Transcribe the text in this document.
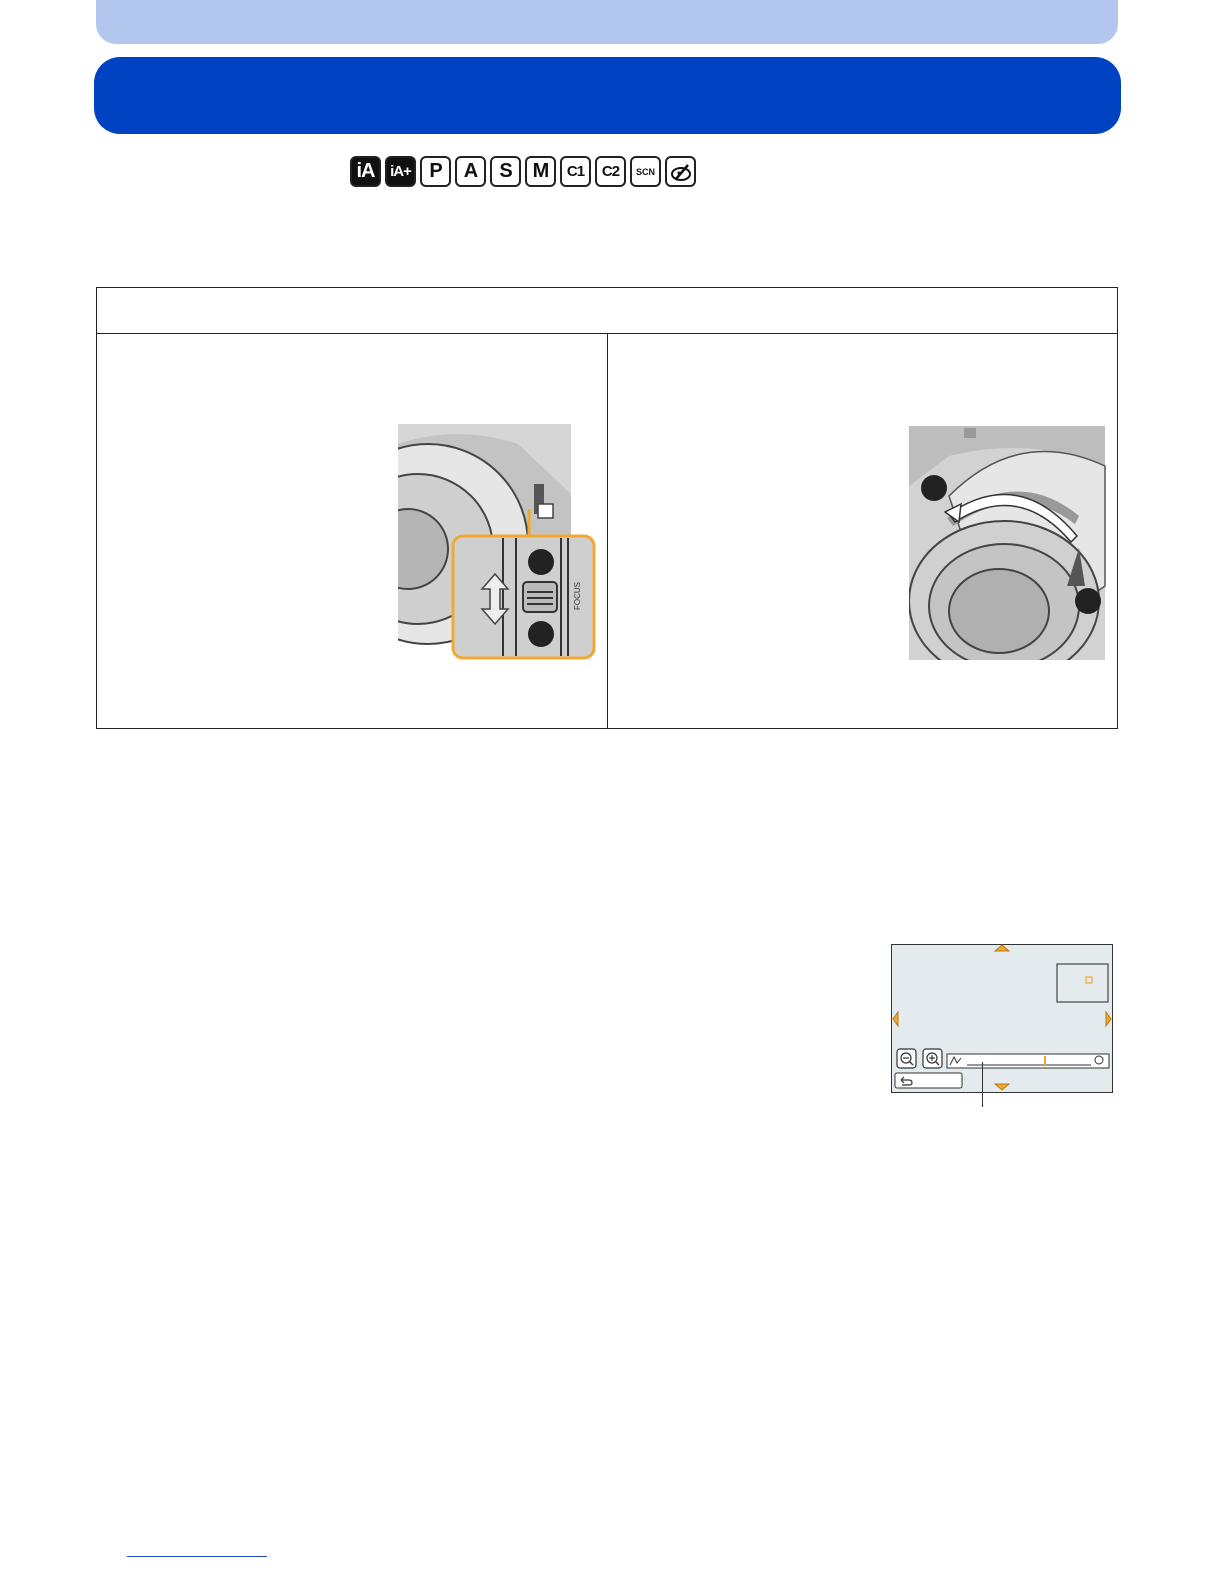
iA	iA+ P	A	S	M	C1	C2	SCN
FOCUS
